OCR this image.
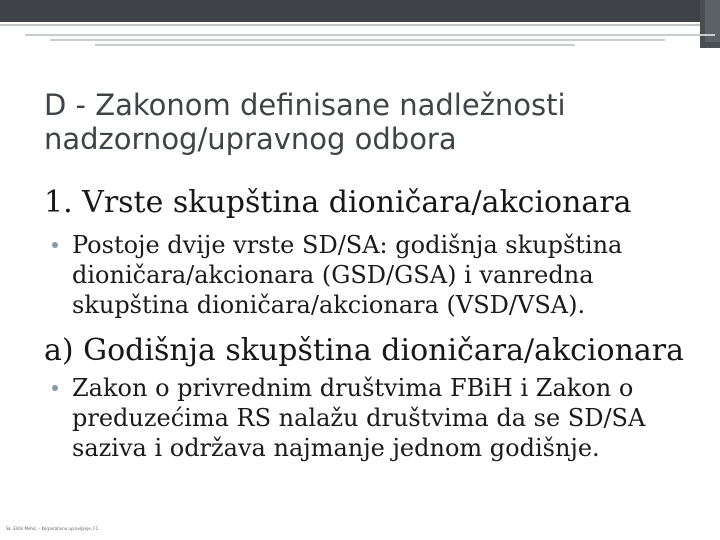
D - Zakonom definisane nadležnosti
nadzornog/upravnog odbora
1. Vrste skupština dioničara/akcionara
Postoje dvije vrste SD/SA: godišnja skupština
dioničara/akcionara (GSD/GSA) i vanredna
skupština dioničara/akcionara (VSD/VSA).
a) Godišnja skupština dioničara/akcionara
Zakon o privrednim društvima FBiH i Zakon o
preduzećima RS nalažu društvima da se SD/SA
saziva i održava najmanje jednom godišnje.
Sk. Eldin Mehic, - Korporativno upravljanje, F1
